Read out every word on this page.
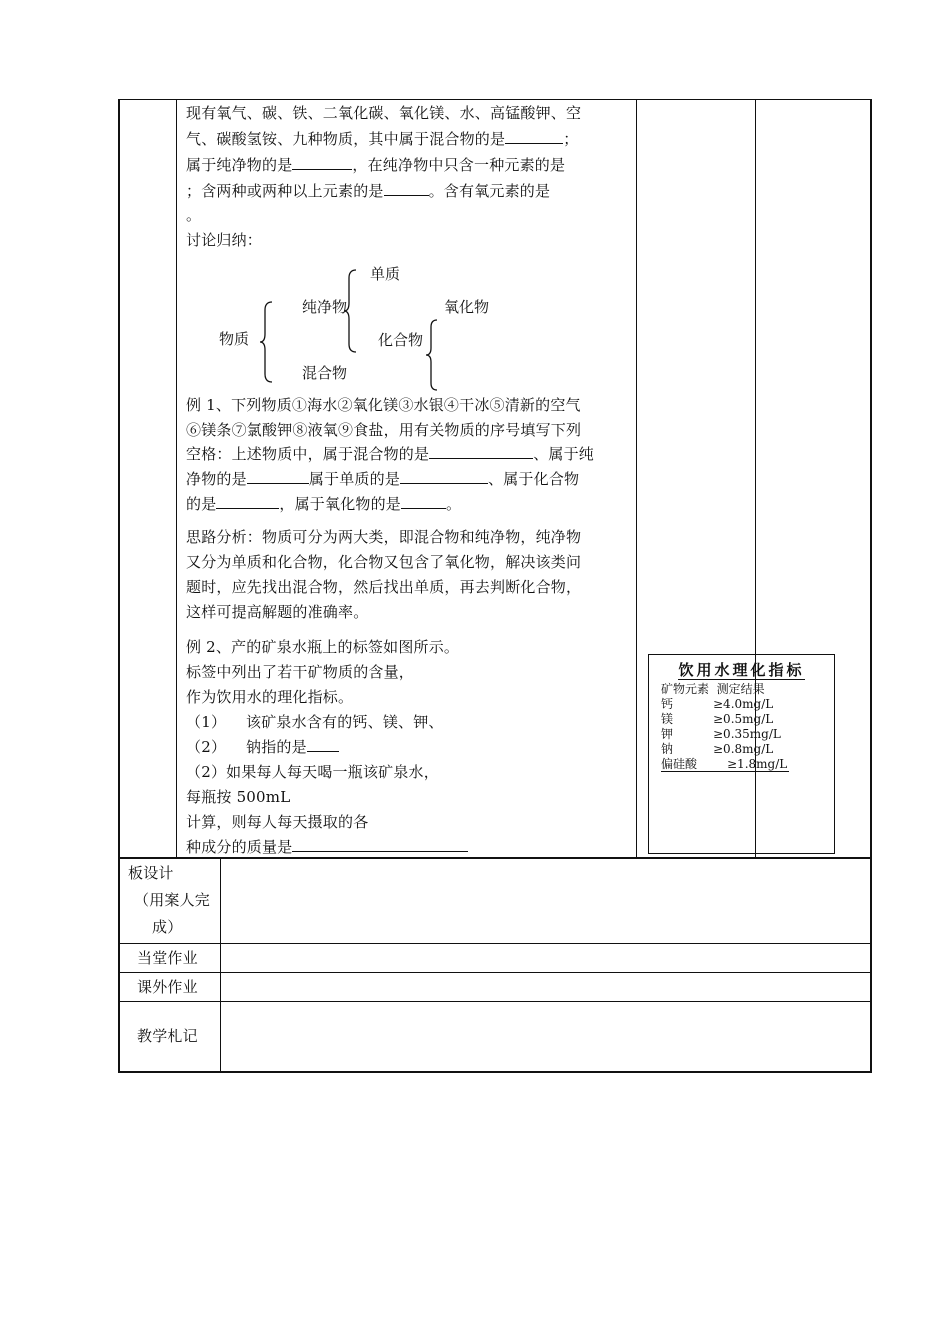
现有氧气、碳、铁、二氧化碳、氧化镁、水、高锰酸钾、空
气、碳酸氢铵、九种物质，其中属于混合物的是	；
属于纯净物的是	，在纯净物中只含一种元素的是
；含两种或两种以上元素的是	。含有氧元素的是
。
讨论归纳：
物质
纯净物
混合物
单质
化合物
氧化物
例 1、下列物质①海水②氧化镁③水银④干冰⑤清新的空气
⑥镁条⑦氯酸钾⑧液氧⑨食盐，用有关物质的序号填写下列
空格：上述物质中，属于混合物的是	、属于纯
净物的是	属于单质的是	、属于化合物
的是	，属于氧化物的是	。
思路分析：物质可分为两大类，即混合物和纯净物，纯净物
又分为单质和化合物，化合物又包含了氧化物，解决该类问
题时，应先找出混合物，然后找出单质，再去判断化合物，
这样可提高解题的准确率。
例 2、产的矿泉水瓶上的标签如图所示。
标签中列出了若干矿物质的含量，
作为饮用水的理化指标。
（1）    该矿泉水含有的钙、镁、钾、
（2）    钠指的是
（2）如果每人每天喝一瓶该矿泉水，
每瓶按 500mL
计算，则每人每天摄取的各
种成分的质量是
饮用水理化指标
矿物元素  测定结果
钙	≥4.0mg/L
镁	≥0.5mg/L
钾	≥0.35mg/L
钠	≥0.8mg/L
偏硅酸 ≥1.8mg/L
板设计
（用案人完
成）
当堂作业
课外作业
教学札记
